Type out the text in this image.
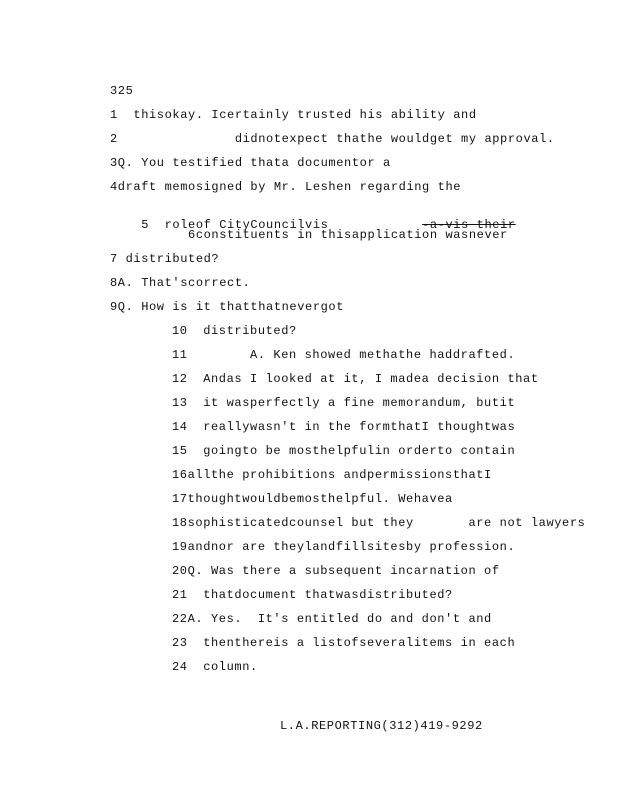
325
1  thisokay. Icertainly trusted his ability and
2               didnotexpect thathe wouldget my approval.
3Q. You testified thata documentor a
4draft memosigned by Mr. Leshen regarding the

5  roleof CityCouncilvis	-a-vis their

6constituents in thisapplication wasnever
7 distributed?
8A. That'scorrect.
9Q. How is it thatthatnevergot
10  distributed?
11        A. Ken showed methathe haddrafted.
12  Andas I looked at it, I madea decision that
13  it wasperfectly a fine memorandum, butit
14  reallywasn't in the formthatI thoughtwas
15  goingto be mosthelpfulin orderto contain
16allthe prohibitions andpermissionsthatI
17thoughtwouldbemosthelpful. Wehavea
18sophisticatedcounsel but they       are not lawyers
19andnor are theylandfillsitesby profession.
20Q. Was there a subsequent incarnation of
21  thatdocument thatwasdistributed?
22A. Yes.  It's entitled do and don't and
23  thenthereis a listofseveralitems in each
24  column.
L.A.REPORTING(312)419-9292
